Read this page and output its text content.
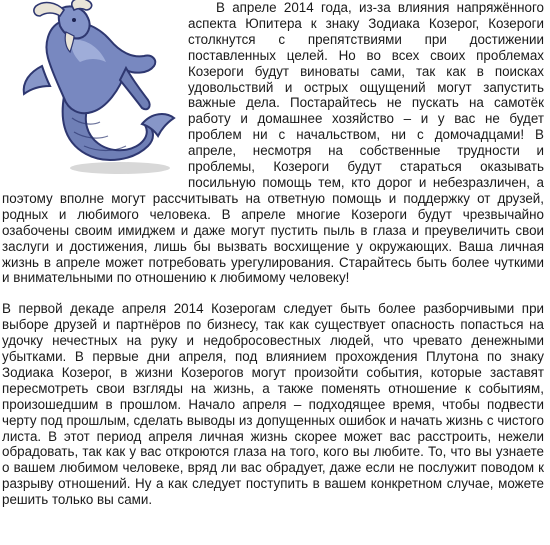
В апреле 2014 года, из-за влияния напряжённого аспекта Юпитера к знаку Зодиака Козерог, Козероги столкнутся с препятствиями при достижении поставленных целей. Но во всех своих проблемах Козероги будут виноваты сами, так как в поисках удовольствий и острых ощущений могут запустить важные дела. Постарайтесь не пускать на самотёк работу и домашнее хозяйство – и у вас не будет проблем ни с начальством, ни с домочадцами! В апреле, несмотря на собственные трудности и проблемы, Козероги будут стараться оказывать посильную помощь тем, кто дорог и небезразличен, а поэтому вполне могут рассчитывать на ответную помощь и поддержку от друзей, родных и любимого человека. В апреле многие Козероги будут чрезвычайно озабочены своим имиджем и даже могут пустить пыль в глаза и преувеличить свои заслуги и достижения, лишь бы вызвать восхищение у окружающих. Ваша личная жизнь в апреле может потребовать урегулирования. Старайтесь быть более чуткими и внимательными по отношению к любимому человеку!

В первой декаде апреля 2014 Козерогам следует быть более разборчивыми при выборе друзей и партнёров по бизнесу, так как существует опасность попасться на удочку нечестных на руку и недобросовестных людей, что чревато денежными убытками. В первые дни апреля, под влиянием прохождения Плутона по знаку Зодиака Козерог, в жизни Козерогов могут произойти события, которые заставят пересмотреть свои взгляды на жизнь, а также поменять отношение к событиям, произошедшим в прошлом. Начало апреля – подходящее время, чтобы подвести черту под прошлым, сделать выводы из допущенных ошибок и начать жизнь с чистого листа. В этот период апреля личная жизнь скорее может вас расстроить, нежели обрадовать, так как у вас откроются глаза на того, кого вы любите. То, что вы узнаете о вашем любимом человеке, вряд ли вас обрадует, даже если не послужит поводом к разрыву отношений. Ну а как следует поступить в вашем конкретном случае, можете решить только вы сами.
